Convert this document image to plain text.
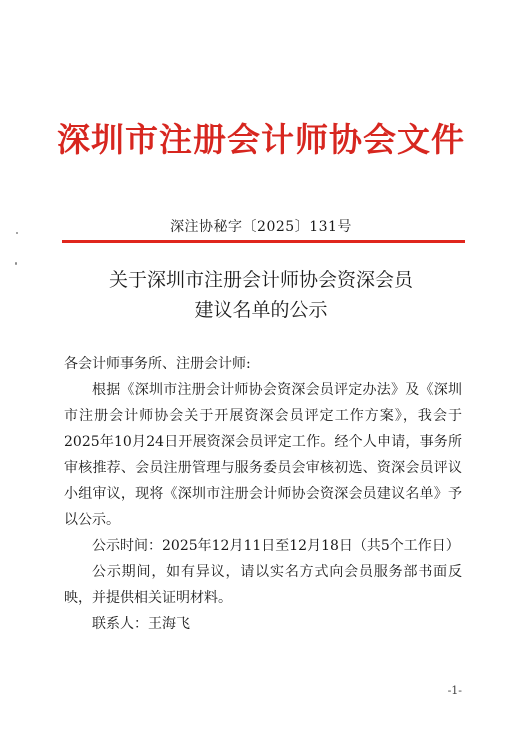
深圳市注册会计师协会文件
深注协秘字〔2025〕131号
关于深圳市注册会计师协会资深会员
建议名单的公示

各会计师事务所、注册会计师:

根据《深圳市注册会计师协会资深会员评定办法》及《深圳市注册会计师协会关于开展资深会员评定工作方案》，我会于2025年10月24日开展资深会员评定工作。经个人申请，事务所审核推荐、会员注册管理与服务委员会审核初选、资深会员评议小组审议，现将《深圳市注册会计师协会资深会员建议名单》予以公示。

公示时间：2025年12月11日至12月18日（共5个工作日）

公示期间，如有异议，请以实名方式向会员服务部书面反映，并提供相关证明材料。

联系人：王海飞

-1-
